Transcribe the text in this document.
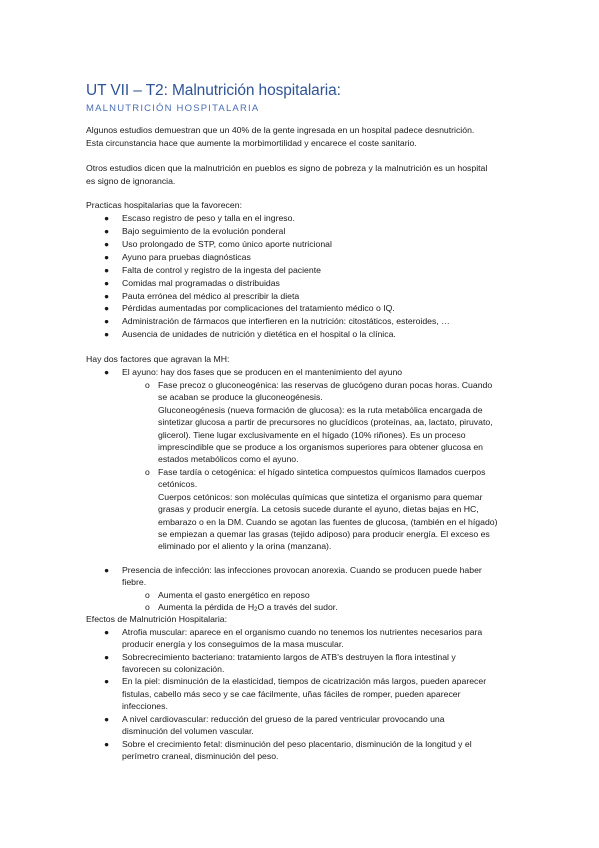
UT VII – T2: Malnutrición hospitalaria:
MALNUTRICIÓN HOSPITALARIA
Algunos estudios demuestran que un 40% de la gente ingresada en un hospital padece desnutrición.
Esta circunstancia hace que aumente la morbimortilidad y encarece el coste sanitario.
Otros estudios dicen que la malnutrición en pueblos es signo de pobreza y la malnutrición es un hospital
es signo de ignorancia.
Practicas hospitalarias que la favorecen:
● Escaso registro de peso y talla en el ingreso.
● Bajo seguimiento de la evolución ponderal
● Uso prolongado de STP, como único aporte nutricional
● Ayuno para pruebas diagnósticas
● Falta de control y registro de la ingesta del paciente
● Comidas mal programadas o distribuidas
● Pauta errónea del médico al prescribir la dieta
● Pérdidas aumentadas por complicaciones del tratamiento médico o IQ.
● Administración de fármacos que interfieren en la nutrición: citostáticos, esteroides, …
● Ausencia de unidades de nutrición y dietética en el hospital o la clínica.
Hay dos factores que agravan la MH:
● El ayuno: hay dos fases que se producen en el mantenimiento del ayuno
o Fase precoz o gluconeogénica: las reservas de glucógeno duran pocas horas. Cuando
se acaban se produce la gluconeogénesis.
Gluconeogénesis (nueva formación de glucosa): es la ruta metabólica encargada de
sintetizar glucosa a partir de precursores no glucídicos (proteínas, aa, lactato, piruvato,
glicerol). Tiene lugar exclusivamente en el hígado (10% riñones). Es un proceso
imprescindible que se produce a los organismos superiores para obtener glucosa en
estados metabólicos como el ayuno.
o Fase tardía o cetogénica: el hígado sintetica compuestos químicos llamados cuerpos
cetónicos.
Cuerpos cetónicos: son moléculas químicas que sintetiza el organismo para quemar
grasas y producir energía. La cetosis sucede durante el ayuno, dietas bajas en HC,
embarazo o en la DM. Cuando se agotan las fuentes de glucosa, (también en el hígado)
se empiezan a quemar las grasas (tejido adiposo) para producir energía. El exceso es
eliminado por el aliento y la orina (manzana).
● Presencia de infección: las infecciones provocan anorexia. Cuando se producen puede haber
fiebre.
o Aumenta el gasto energético en reposo
o Aumenta la pérdida de $H_2O$ a través del sudor.
Efectos de Malnutrición Hospitalaria:
● Atrofia muscular: aparece en el organismo cuando no tenemos los nutrientes necesarios para
producir energía y los conseguimos de la masa muscular.
● Sobrecrecimiento bacteriano: tratamiento largos de ATB's destruyen la flora intestinal y
favorecen su colonización.
● En la piel: disminución de la elasticidad, tiempos de cicatrización más largos, pueden aparecer
fistulas, cabello más seco y se cae fácilmente, uñas fáciles de romper, pueden aparecer
infecciones.
● A nivel cardiovascular: reducción del grueso de la pared ventricular provocando una
disminución del volumen vascular.
● Sobre el crecimiento fetal: disminución del peso placentario, disminución de la longitud y el
perímetro craneal, disminución del peso.
